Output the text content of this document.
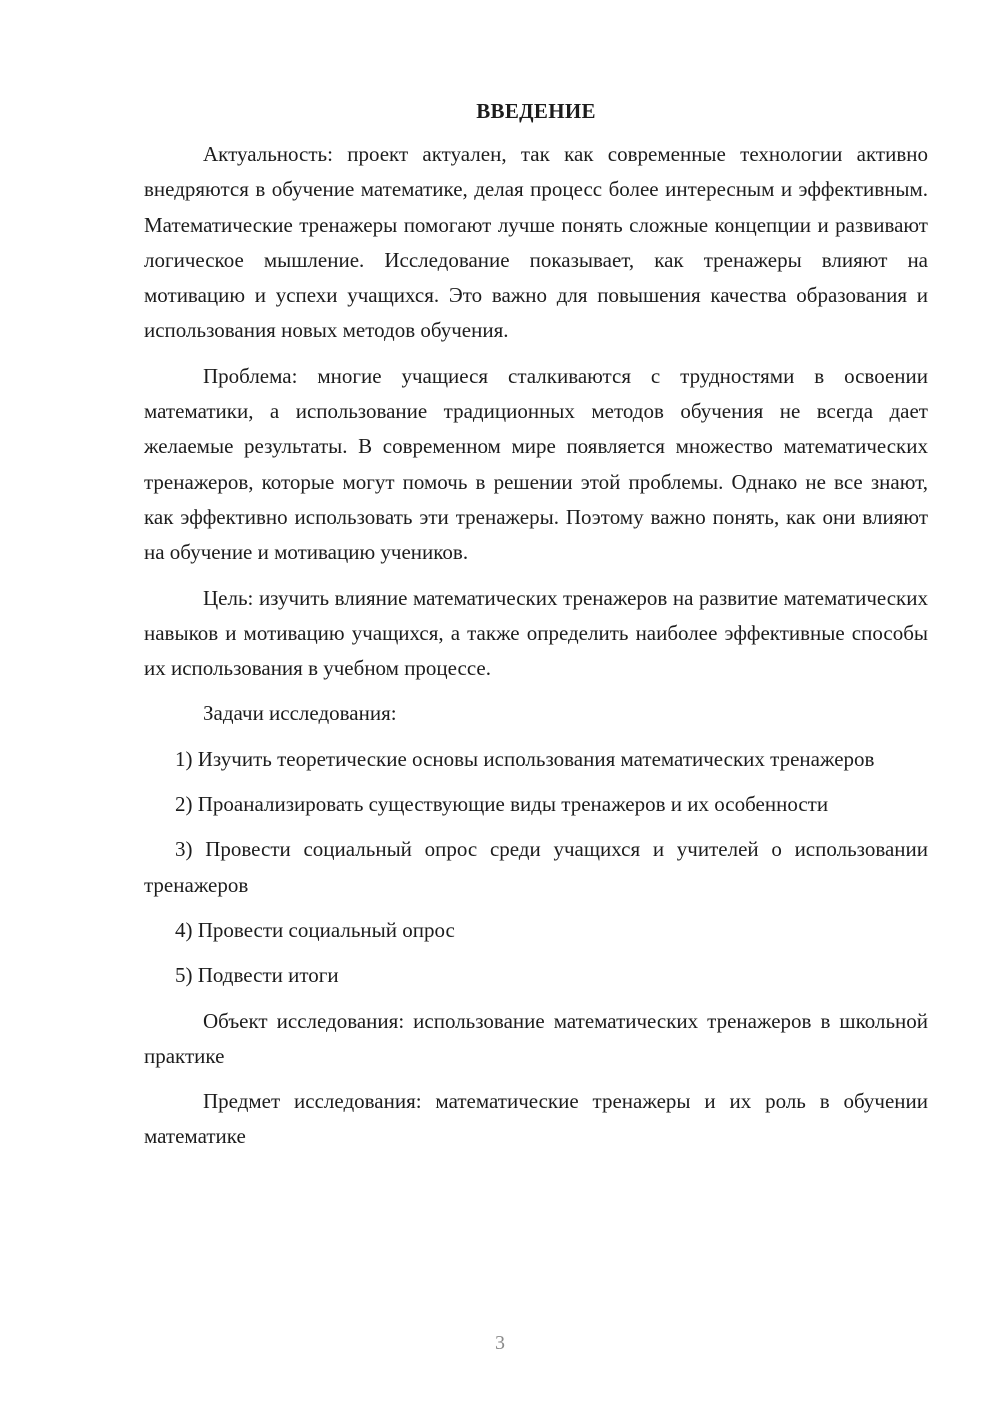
ВВЕДЕНИЕ

Актуальность: проект актуален, так как современные технологии активно внедряются в обучение математике, делая процесс более интересным и эффективным. Математические тренажеры помогают лучше понять сложные концепции и развивают логическое мышление. Исследование показывает, как тренажеры влияют на мотивацию и успехи учащихся. Это важно для повышения качества образования и использования новых методов обучения.

Проблема: многие учащиеся сталкиваются с трудностями в освоении математики, а использование традиционных методов обучения не всегда дает желаемые результаты. В современном мире появляется множество математических тренажеров, которые могут помочь в решении этой проблемы. Однако не все знают, как эффективно использовать эти тренажеры. Поэтому важно понять, как они влияют на обучение и мотивацию учеников.

Цель: изучить влияние математических тренажеров на развитие математических навыков и мотивацию учащихся, а также определить наиболее эффективные способы их использования в учебном процессе.

Задачи исследования:

1) Изучить теоретические основы использования математических тренажеров

2) Проанализировать существующие виды тренажеров и их особенности

3) Провести социальный опрос среди учащихся и учителей о использовании тренажеров

4) Провести социальный опрос

5) Подвести итоги

Объект исследования: использование математических тренажеров в школьной практике

Предмет исследования: математические тренажеры и их роль в обучении математике

3
